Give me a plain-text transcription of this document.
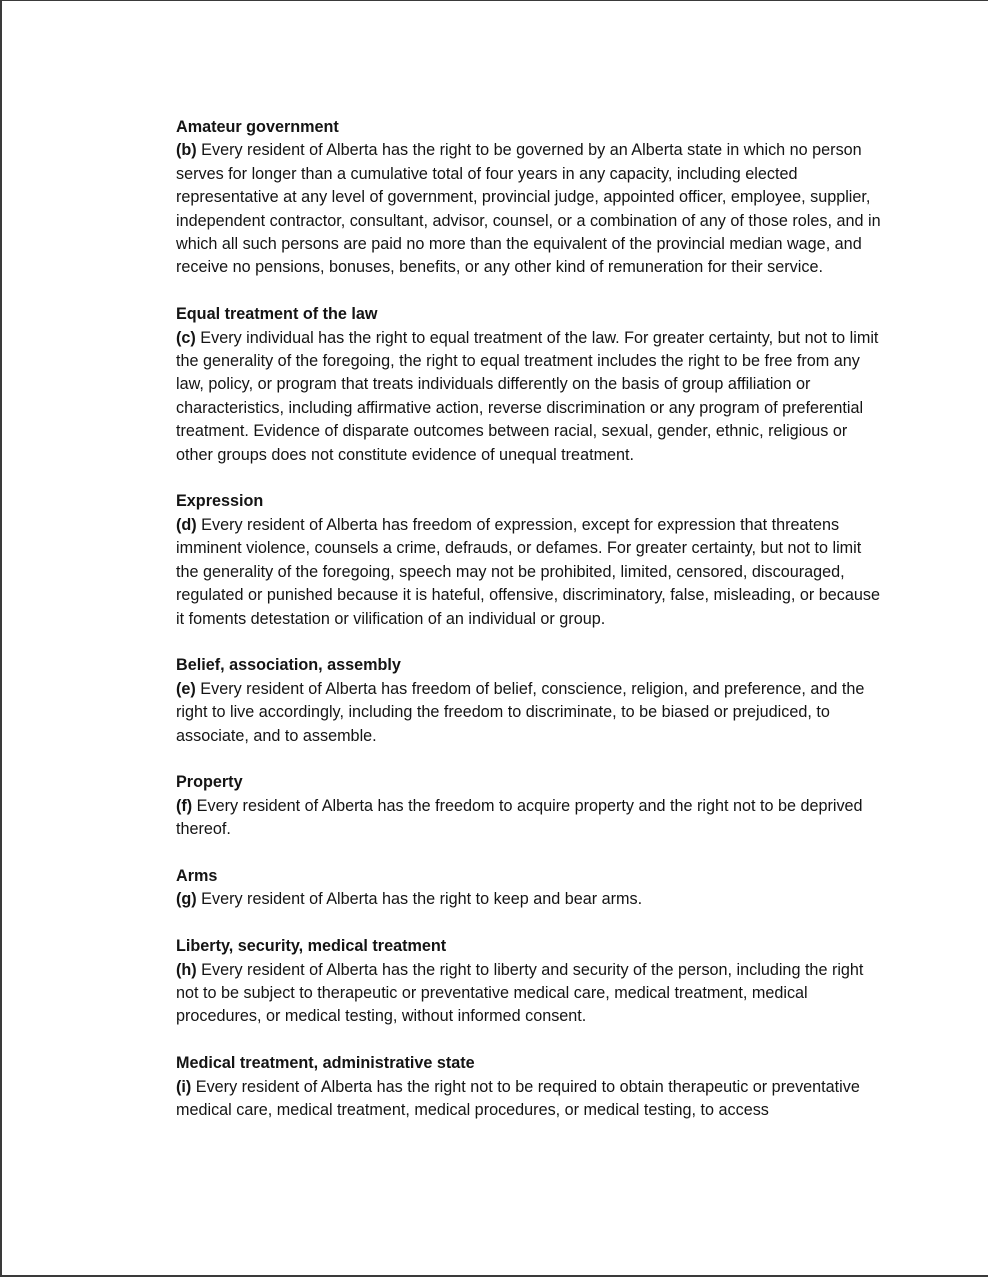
Amateur government

(b) Every resident of Alberta has the right to be governed by an Alberta state in which no person serves for longer than a cumulative total of four years in any capacity, including elected representative at any level of government, provincial judge, appointed officer, employee, supplier, independent contractor, consultant, advisor, counsel, or a combination of any of those roles, and in which all such persons are paid no more than the equivalent of the provincial median wage, and receive no pensions, bonuses, benefits, or any other kind of remuneration for their service.

Equal treatment of the law

(c) Every individual has the right to equal treatment of the law. For greater certainty, but not to limit the generality of the foregoing, the right to equal treatment includes the right to be free from any law, policy, or program that treats individuals differently on the basis of group affiliation or characteristics, including affirmative action, reverse discrimination or any program of preferential treatment. Evidence of disparate outcomes between racial, sexual, gender, ethnic, religious or other groups does not constitute evidence of unequal treatment.

Expression

(d) Every resident of Alberta has freedom of expression, except for expression that threatens imminent violence, counsels a crime, defrauds, or defames. For greater certainty, but not to limit the generality of the foregoing, speech may not be prohibited, limited, censored, discouraged, regulated or punished because it is hateful, offensive, discriminatory, false, misleading, or because it foments detestation or vilification of an individual or group.

Belief, association, assembly

(e) Every resident of Alberta has freedom of belief, conscience, religion, and preference, and the right to live accordingly, including the freedom to discriminate, to be biased or prejudiced, to associate, and to assemble.

Property

(f) Every resident of Alberta has the freedom to acquire property and the right not to be deprived thereof.

Arms

(g) Every resident of Alberta has the right to keep and bear arms.

Liberty, security, medical treatment

(h) Every resident of Alberta has the right to liberty and security of the person, including the right not to be subject to therapeutic or preventative medical care, medical treatment, medical procedures, or medical testing, without informed consent.

Medical treatment, administrative state

(i) Every resident of Alberta has the right not to be required to obtain therapeutic or preventative medical care, medical treatment, medical procedures, or medical testing, to access
